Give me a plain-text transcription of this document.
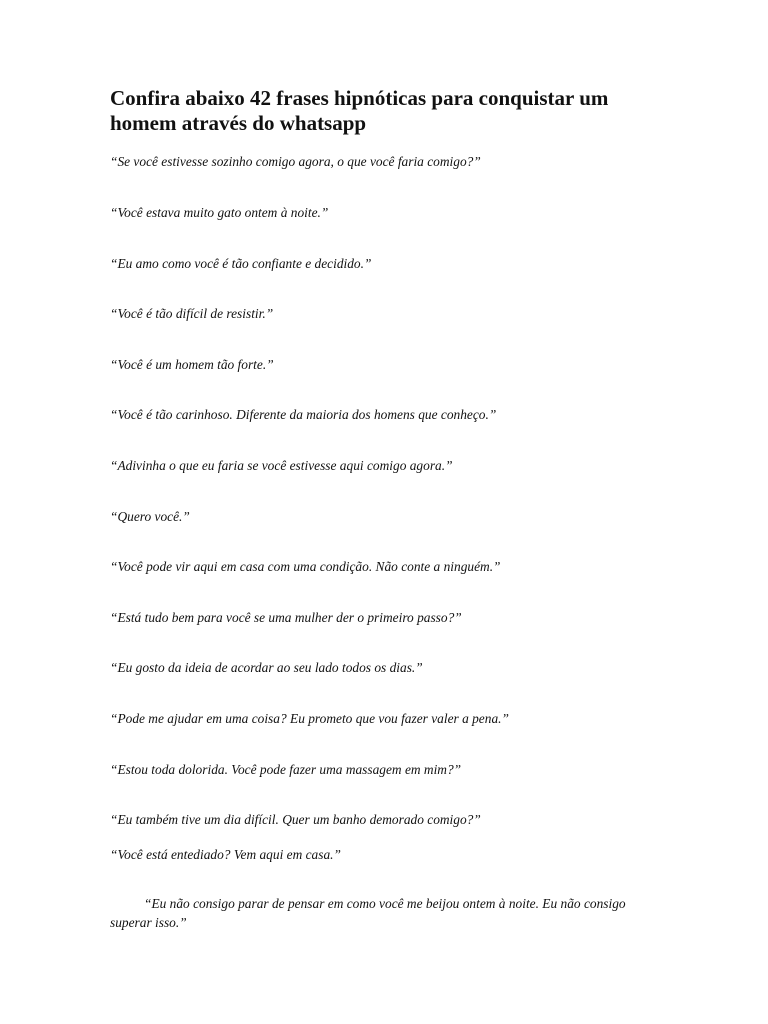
Confira abaixo 42 frases hipnóticas para conquistar um homem através do whatsapp
“Se você estivesse sozinho comigo agora, o que você faria comigo?”
“Você estava muito gato ontem à noite.”
“Eu amo como você é tão confiante e decidido.”
“Você é tão difícil de resistir.”
“Você é um homem tão forte.”
“Você é tão carinhoso. Diferente da maioria dos homens que conheço.”
“Adivinha o que eu faria se você estivesse aqui comigo agora.”
“Quero você.”
“Você pode vir aqui em casa com uma condição. Não conte a ninguém.”
“Está tudo bem para você se uma mulher der o primeiro passo?”
“Eu gosto da ideia de acordar ao seu lado todos os dias.”
“Pode me ajudar em uma coisa? Eu prometo que vou fazer valer a pena.”
“Estou toda dolorida. Você pode fazer uma massagem em mim?”
“Eu também tive um dia difícil. Quer um banho demorado comigo?”
“Você está entediado? Vem aqui em casa.”
“Eu não consigo parar de pensar em como você me beijou ontem à noite. Eu não consigo superar isso.”
